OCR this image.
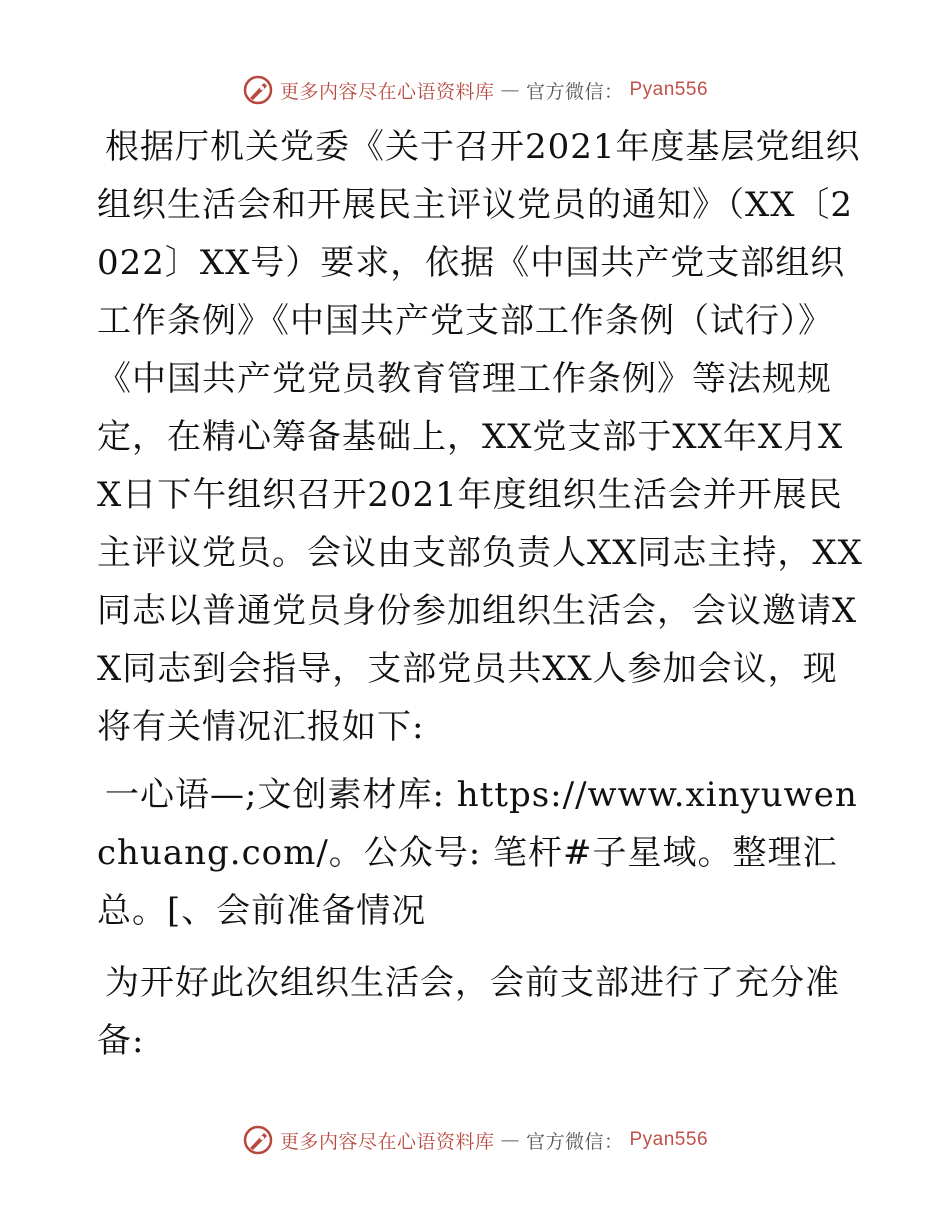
更多内容尽在心语资料库 — 官方微信： Pyan556

根据厅机关党委《关于召开2021年度基层党组织组织生活会和开展民主评议党员的通知》（XX〔2022〕XX号）要求，依据《中国共产党支部组织工作条例》《中国共产党支部工作条例（试行）》《中国共产党党员教育管理工作条例》等法规规定，在精心筹备基础上，XX党支部于XX年X月XX日下午组织召开2021年度组织生活会并开展民主评议党员。会议由支部负责人XX同志主持，XX同志以普通党员身份参加组织生活会，会议邀请XX同志到会指导，支部党员共XX人参加会议，现将有关情况汇报如下:

一心语—;文创素材库: https://www.xinyuwenchuang.com/。公众号: 笔杆#子星域。整理汇总。[、会前准备情况

为开好此次组织生活会，会前支部进行了充分准备:

更多内容尽在心语资料库 — 官方微信： Pyan556
